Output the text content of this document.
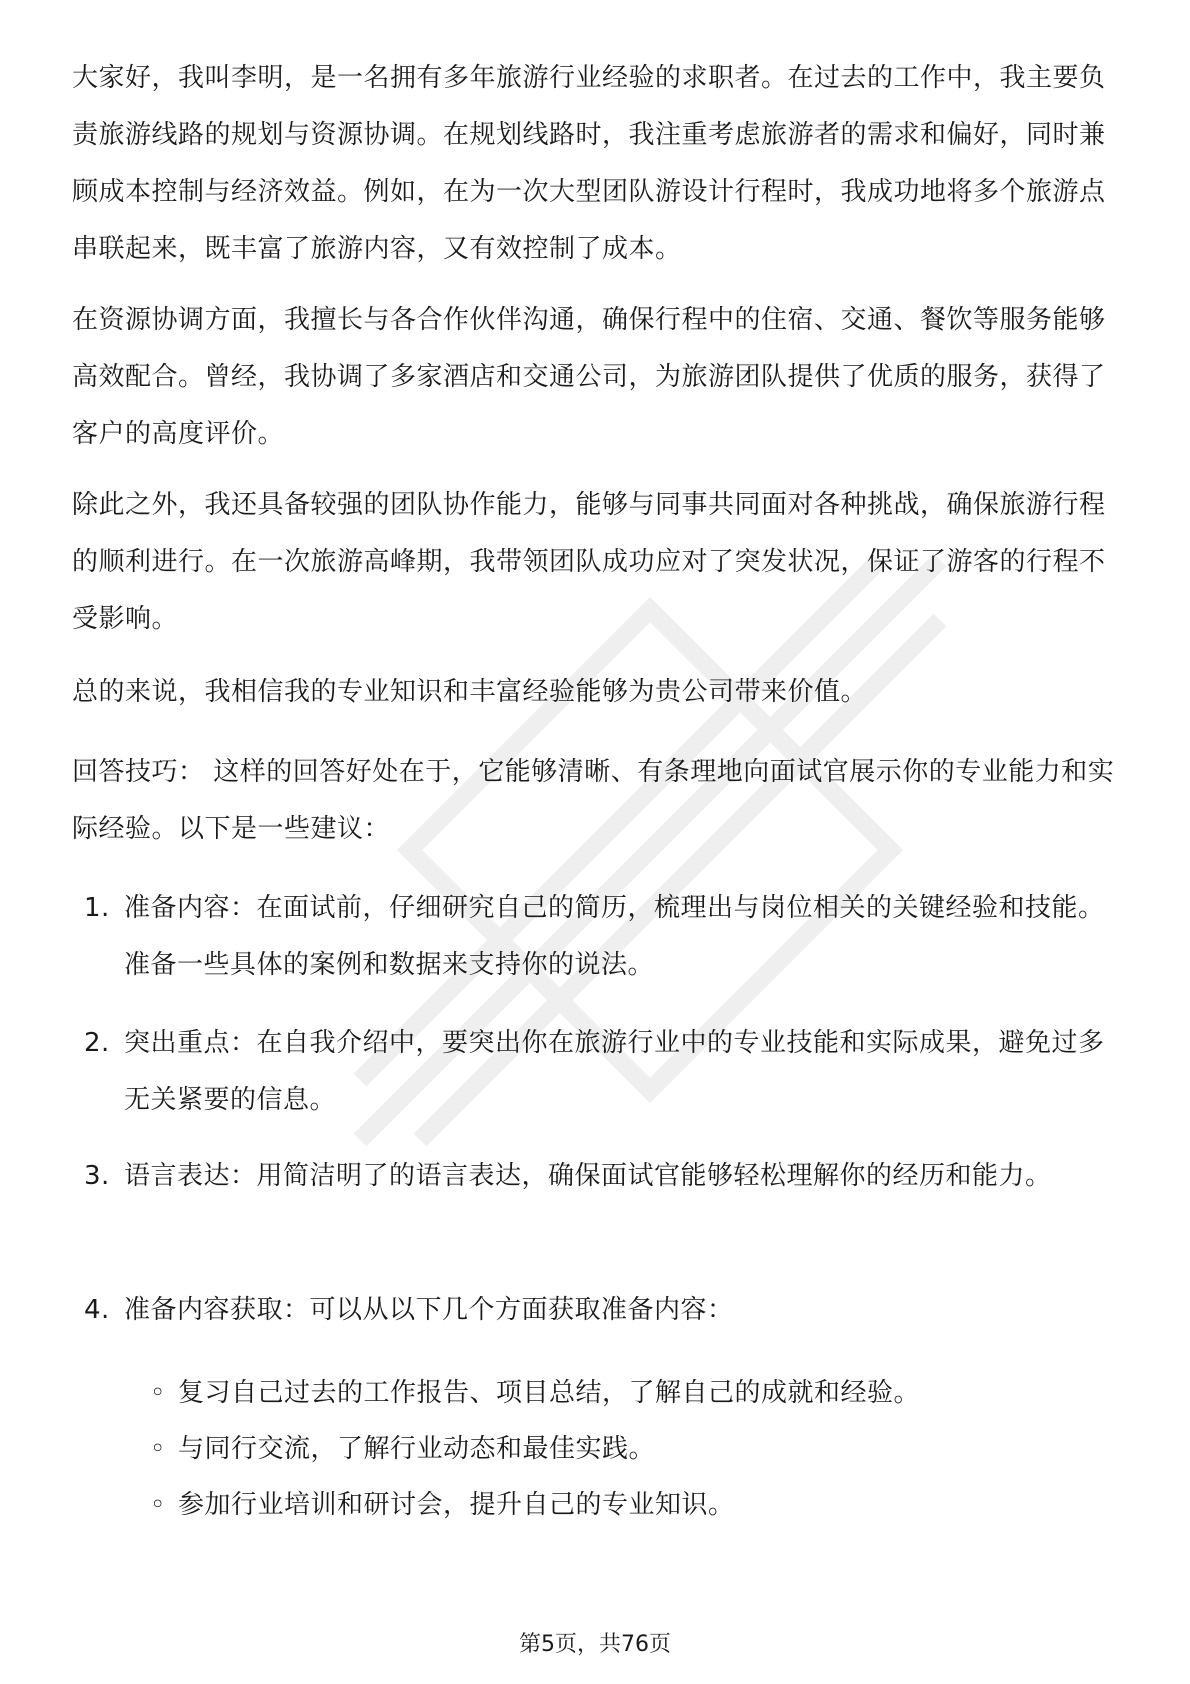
大家好，我叫李明，是一名拥有多年旅游行业经验的求职者。在过去的工作中，我主要负责旅游线路的规划与资源协调。在规划线路时，我注重考虑旅游者的需求和偏好，同时兼顾成本控制与经济效益。例如，在为一次大型团队游设计行程时，我成功地将多个旅游点串联起来，既丰富了旅游内容，又有效控制了成本。

在资源协调方面，我擅长与各合作伙伴沟通，确保行程中的住宿、交通、餐饮等服务能够高效配合。曾经，我协调了多家酒店和交通公司，为旅游团队提供了优质的服务，获得了客户的高度评价。

除此之外，我还具备较强的团队协作能力，能够与同事共同面对各种挑战，确保旅游行程的顺利进行。在一次旅游高峰期，我带领团队成功应对了突发状况，保证了游客的行程不受影响。

总的来说，我相信我的专业知识和丰富经验能够为贵公司带来价值。

回答技巧： 这样的回答好处在于，它能够清晰、有条理地向面试官展示你的专业能力和实际经验。以下是一些建议：

1. 准备内容：在面试前，仔细研究自己的简历，梳理出与岗位相关的关键经验和技能。准备一些具体的案例和数据来支持你的说法。
2. 突出重点：在自我介绍中，要突出你在旅游行业中的专业技能和实际成果，避免过多无关紧要的信息。
3. 语言表达：用简洁明了的语言表达，确保面试官能够轻松理解你的经历和能力。
4. 准备内容获取：可以从以下几个方面获取准备内容：
◦ 复习自己过去的工作报告、项目总结，了解自己的成就和经验。
◦ 与同行交流，了解行业动态和最佳实践。
◦ 参加行业培训和研讨会，提升自己的专业知识。
第5页，共76页
